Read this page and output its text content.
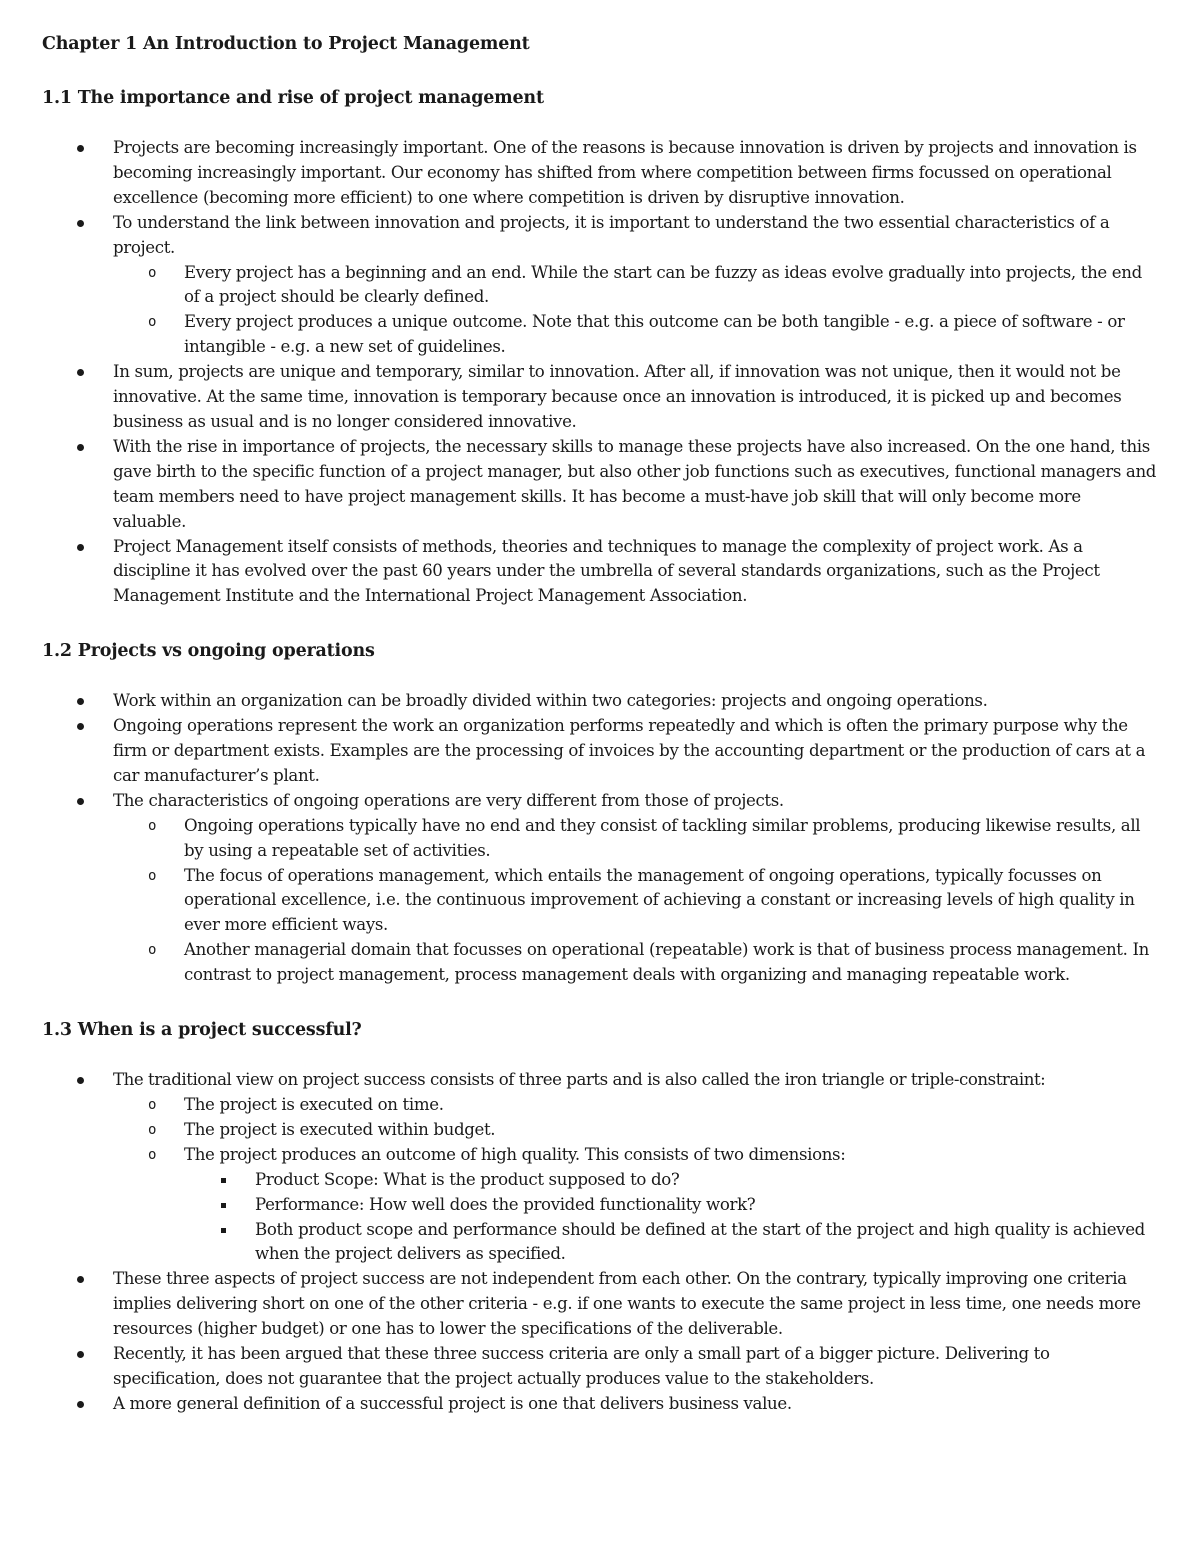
Chapter 1 An Introduction to Project Management
1.1 The importance and rise of project management
Projects are becoming increasingly important. One of the reasons is because innovation is driven by projects and innovation is becoming increasingly important. Our economy has shifted from where competition between firms focussed on operational excellence (becoming more efficient) to one where competition is driven by disruptive innovation.
To understand the link between innovation and projects, it is important to understand the two essential characteristics of a project.
o Every project has a beginning and an end. While the start can be fuzzy as ideas evolve gradually into projects, the end of a project should be clearly defined.
o Every project produces a unique outcome. Note that this outcome can be both tangible - e.g. a piece of software - or intangible - e.g. a new set of guidelines.
In sum, projects are unique and temporary, similar to innovation. After all, if innovation was not unique, then it would not be innovative. At the same time, innovation is temporary because once an innovation is introduced, it is picked up and becomes business as usual and is no longer considered innovative.
With the rise in importance of projects, the necessary skills to manage these projects have also increased. On the one hand, this gave birth to the specific function of a project manager, but also other job functions such as executives, functional managers and team members need to have project management skills. It has become a must-have job skill that will only become more valuable.
Project Management itself consists of methods, theories and techniques to manage the complexity of project work. As a discipline it has evolved over the past 60 years under the umbrella of several standards organizations, such as the Project Management Institute and the International Project Management Association.
1.2 Projects vs ongoing operations
Work within an organization can be broadly divided within two categories: projects and ongoing operations.
Ongoing operations represent the work an organization performs repeatedly and which is often the primary purpose why the firm or department exists. Examples are the processing of invoices by the accounting department or the production of cars at a car manufacturer’s plant.
The characteristics of ongoing operations are very different from those of projects.
o Ongoing operations typically have no end and they consist of tackling similar problems, producing likewise results, all by using a repeatable set of activities.
o The focus of operations management, which entails the management of ongoing operations, typically focusses on operational excellence, i.e. the continuous improvement of achieving a constant or increasing levels of high quality in ever more efficient ways.
o Another managerial domain that focusses on operational (repeatable) work is that of business process management. In contrast to project management, process management deals with organizing and managing repeatable work.
1.3 When is a project successful?
The traditional view on project success consists of three parts and is also called the iron triangle or triple-constraint:
o The project is executed on time.
o The project is executed within budget.
o The project produces an outcome of high quality. This consists of two dimensions:
Product Scope: What is the product supposed to do?
Performance: How well does the provided functionality work?
Both product scope and performance should be defined at the start of the project and high quality is achieved when the project delivers as specified.
These three aspects of project success are not independent from each other. On the contrary, typically improving one criteria implies delivering short on one of the other criteria - e.g. if one wants to execute the same project in less time, one needs more resources (higher budget) or one has to lower the specifications of the deliverable.
Recently, it has been argued that these three success criteria are only a small part of a bigger picture. Delivering to specification, does not guarantee that the project actually produces value to the stakeholders.
A more general definition of a successful project is one that delivers business value.
